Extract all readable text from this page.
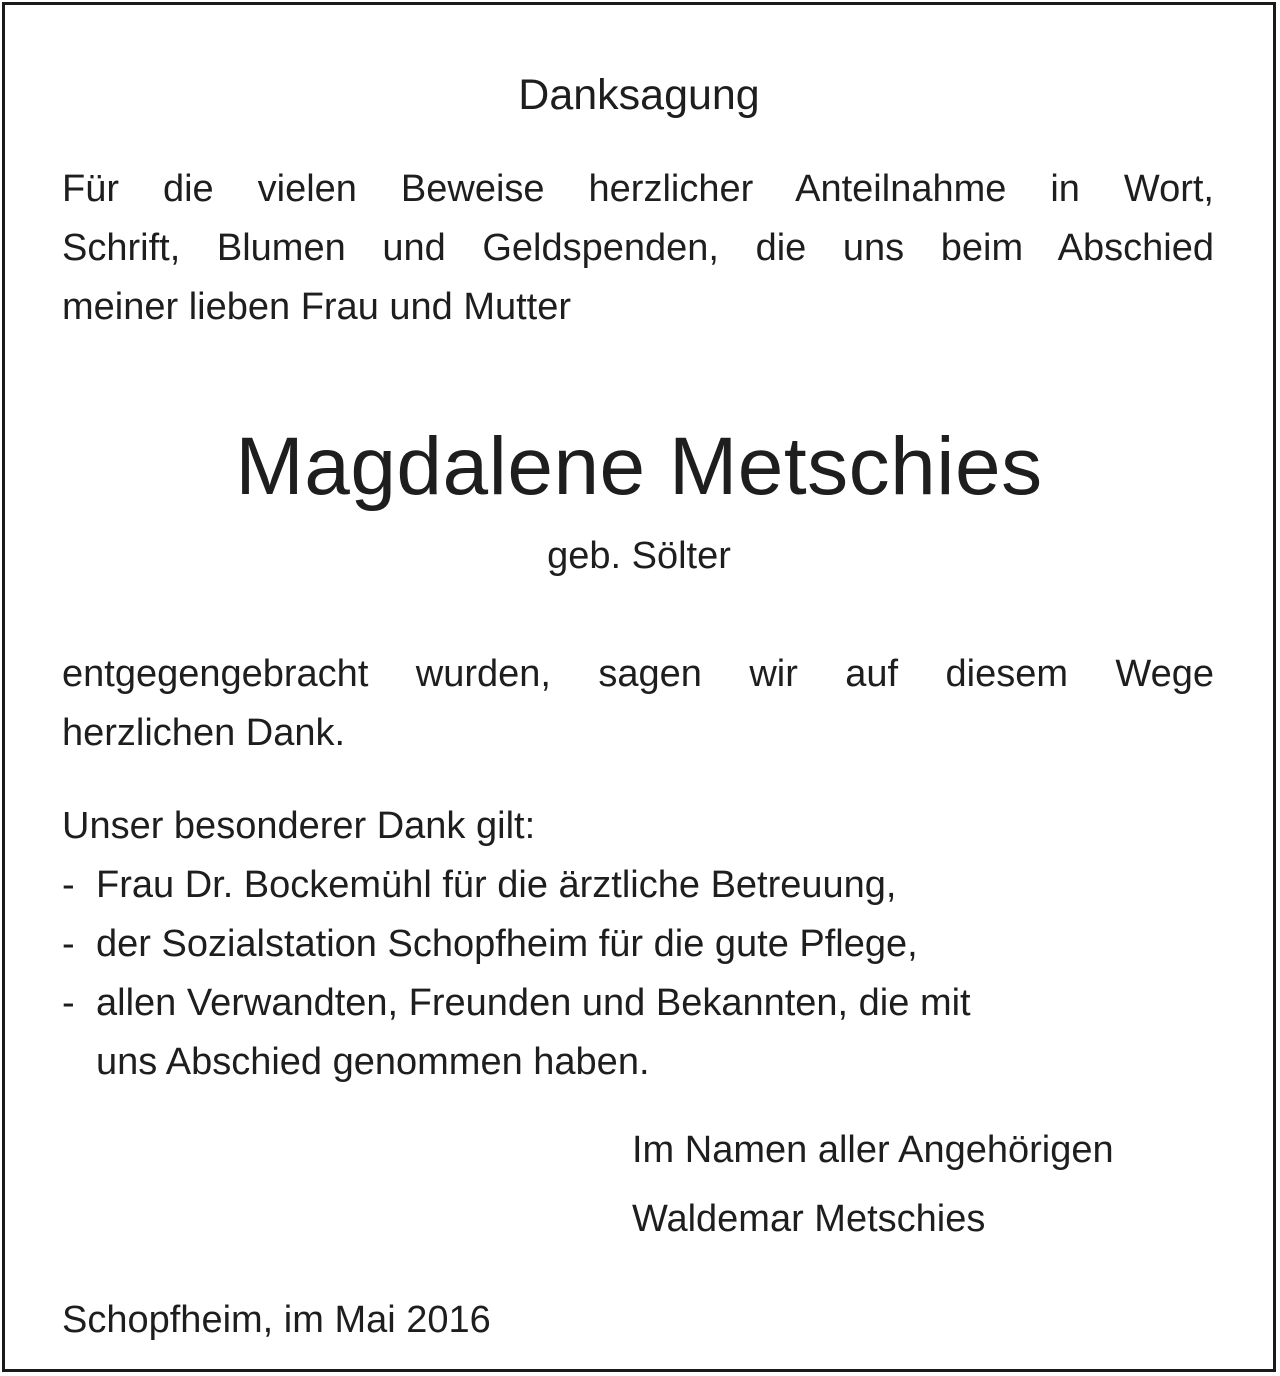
Danksagung
Für die vielen Beweise herzlicher Anteilnahme in Wort,
Schrift, Blumen und Geldspenden, die uns beim Abschied
meiner lieben Frau und Mutter
Magdalene Metschies
geb. Sölter
entgegengebracht wurden, sagen wir auf diesem Wege
herzlichen Dank.
Unser besonderer Dank gilt:
- Frau Dr. Bockemühl für die ärztliche Betreuung,
- der Sozialstation Schopfheim für die gute Pflege,
- allen Verwandten, Freunden und Bekannten, die mit
uns Abschied genommen haben.
Im Namen aller Angehörigen
Waldemar Metschies
Schopfheim, im Mai 2016
